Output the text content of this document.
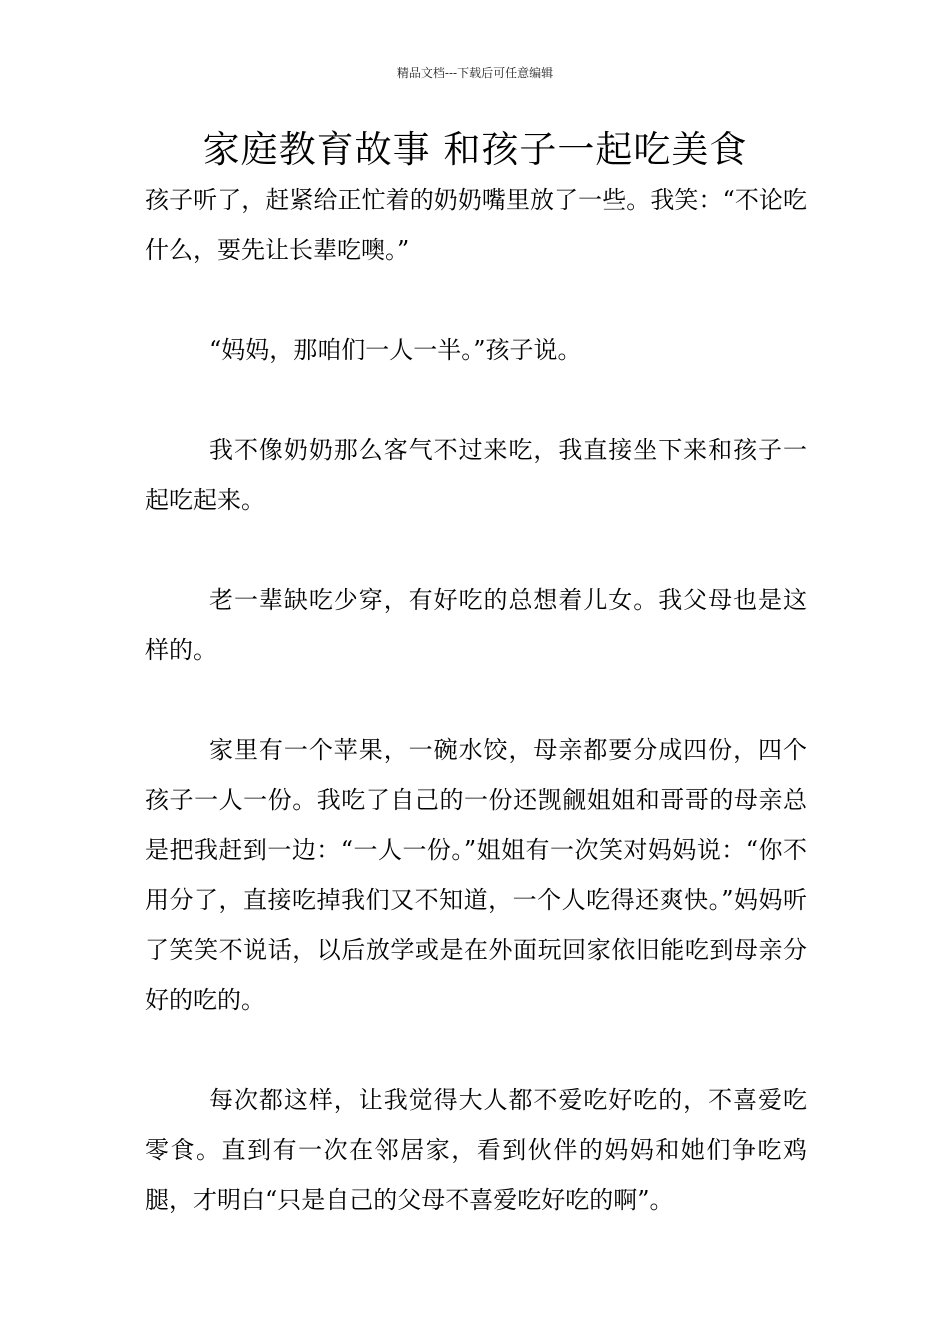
精品文档---下载后可任意编辑
家庭教育故事 和孩子一起吃美食

孩子听了，赶紧给正忙着的奶奶嘴里放了一些。我笑：“不论吃什么，要先让长辈吃噢。”

“妈妈，那咱们一人一半。”孩子说。

我不像奶奶那么客气不过来吃，我直接坐下来和孩子一起吃起来。

老一辈缺吃少穿，有好吃的总想着儿女。我父母也是这样的。

家里有一个苹果，一碗水饺，母亲都要分成四份，四个孩子一人一份。我吃了自己的一份还觊觎姐姐和哥哥的母亲总是把我赶到一边：“一人一份。”姐姐有一次笑对妈妈说：“你不用分了，直接吃掉我们又不知道，一个人吃得还爽快。”妈妈听了笑笑不说话，以后放学或是在外面玩回家依旧能吃到母亲分好的吃的。

每次都这样，让我觉得大人都不爱吃好吃的，不喜爱吃零食。直到有一次在邻居家，看到伙伴的妈妈和她们争吃鸡腿，才明白“只是自己的父母不喜爱吃好吃的啊”。
